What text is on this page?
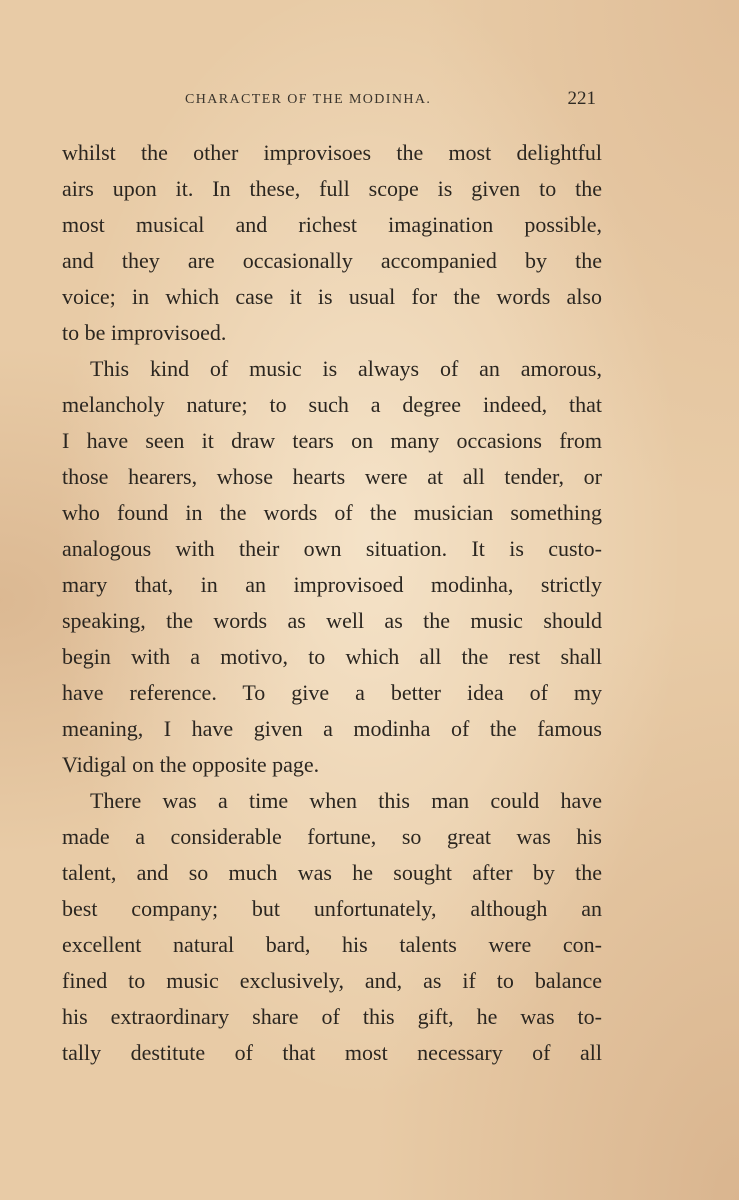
CHARACTER OF THE MODINHA.	221

whilst the other improvisoes the most delightful
airs upon it. In these, full scope is given to the
most musical and richest imagination possible,
and they are occasionally accompanied by the
voice; in which case it is usual for the words also
to be improvisoed.

This kind of music is always of an amorous,
melancholy nature; to such a degree indeed, that
I have seen it draw tears on many occasions from
those hearers, whose hearts were at all tender, or
who found in the words of the musician something
analogous with their own situation. It is custo-
mary that, in an improvisoed modinha, strictly
speaking, the words as well as the music should
begin with a motivo, to which all the rest shall
have reference. To give a better idea of my
meaning, I have given a modinha of the famous
Vidigal on the opposite page.

There was a time when this man could have
made a considerable fortune, so great was his
talent, and so much was he sought after by the
best company; but unfortunately, although an
excellent natural bard, his talents were con-
fined to music exclusively, and, as if to balance
his extraordinary share of this gift, he was to-
tally destitute of that most necessary of all
